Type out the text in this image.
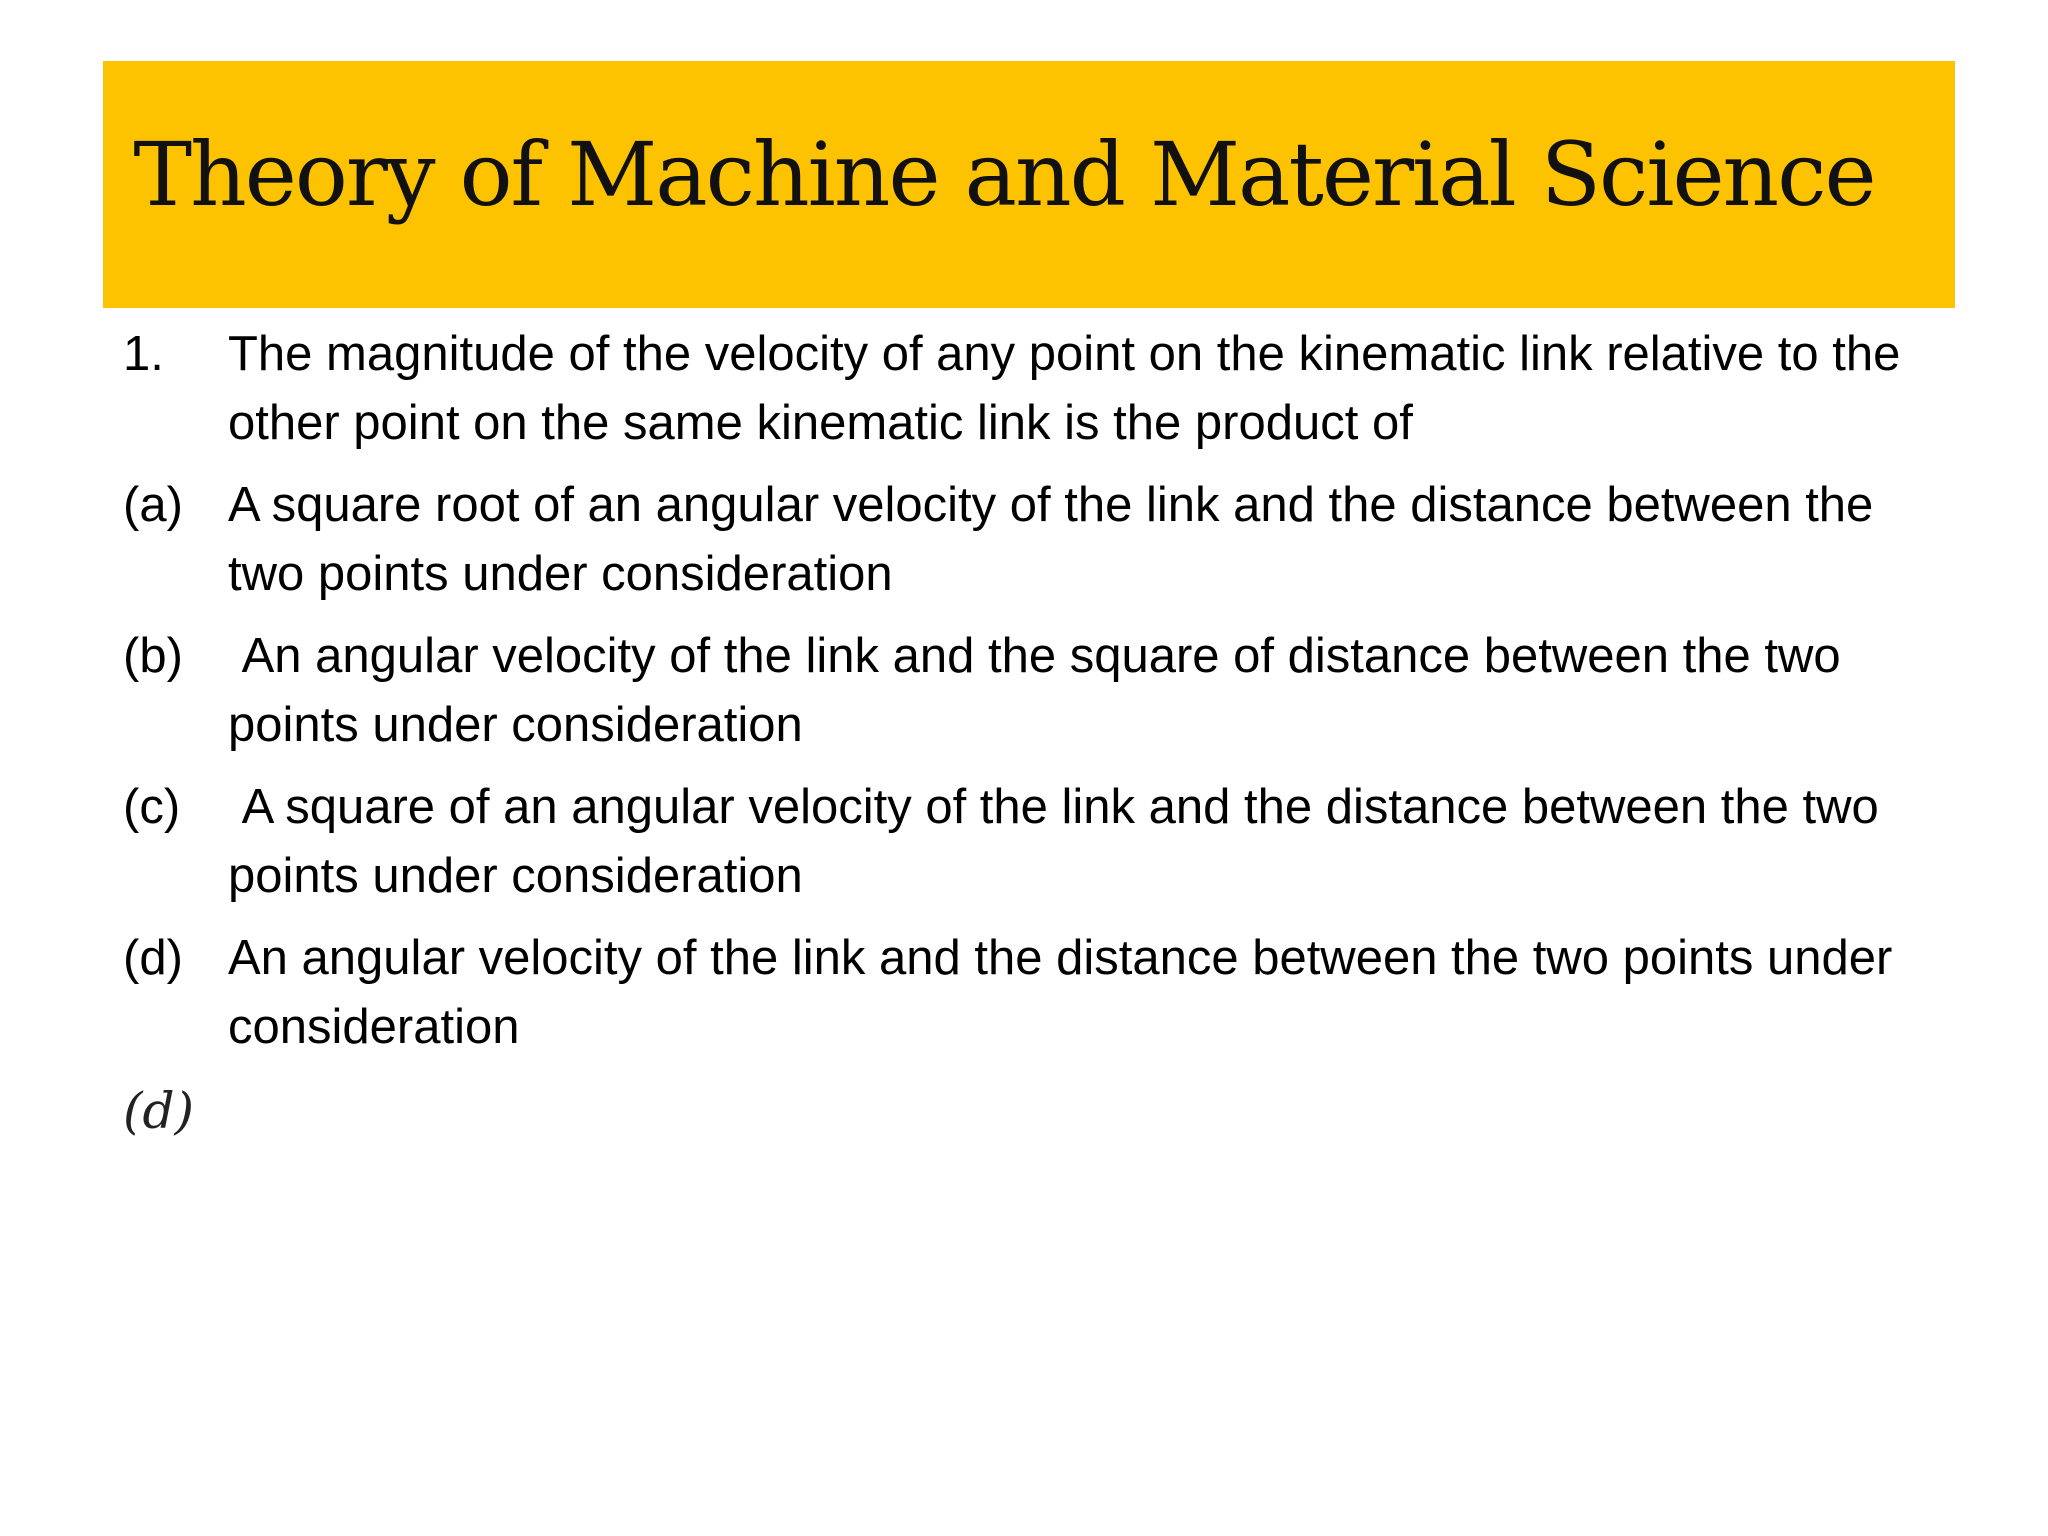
Theory of Machine and Material Science
1. The magnitude of the velocity of any point on the kinematic link relative to the other point on the same kinematic link is the product of
(a) A square root of an angular velocity of the link and the distance between the two points under consideration
(b) An angular velocity of the link and the square of distance between the two points under consideration
(c) A square of an angular velocity of the link and the distance between the two points under consideration
(d) An angular velocity of the link and the distance between the two points under consideration
(d)
